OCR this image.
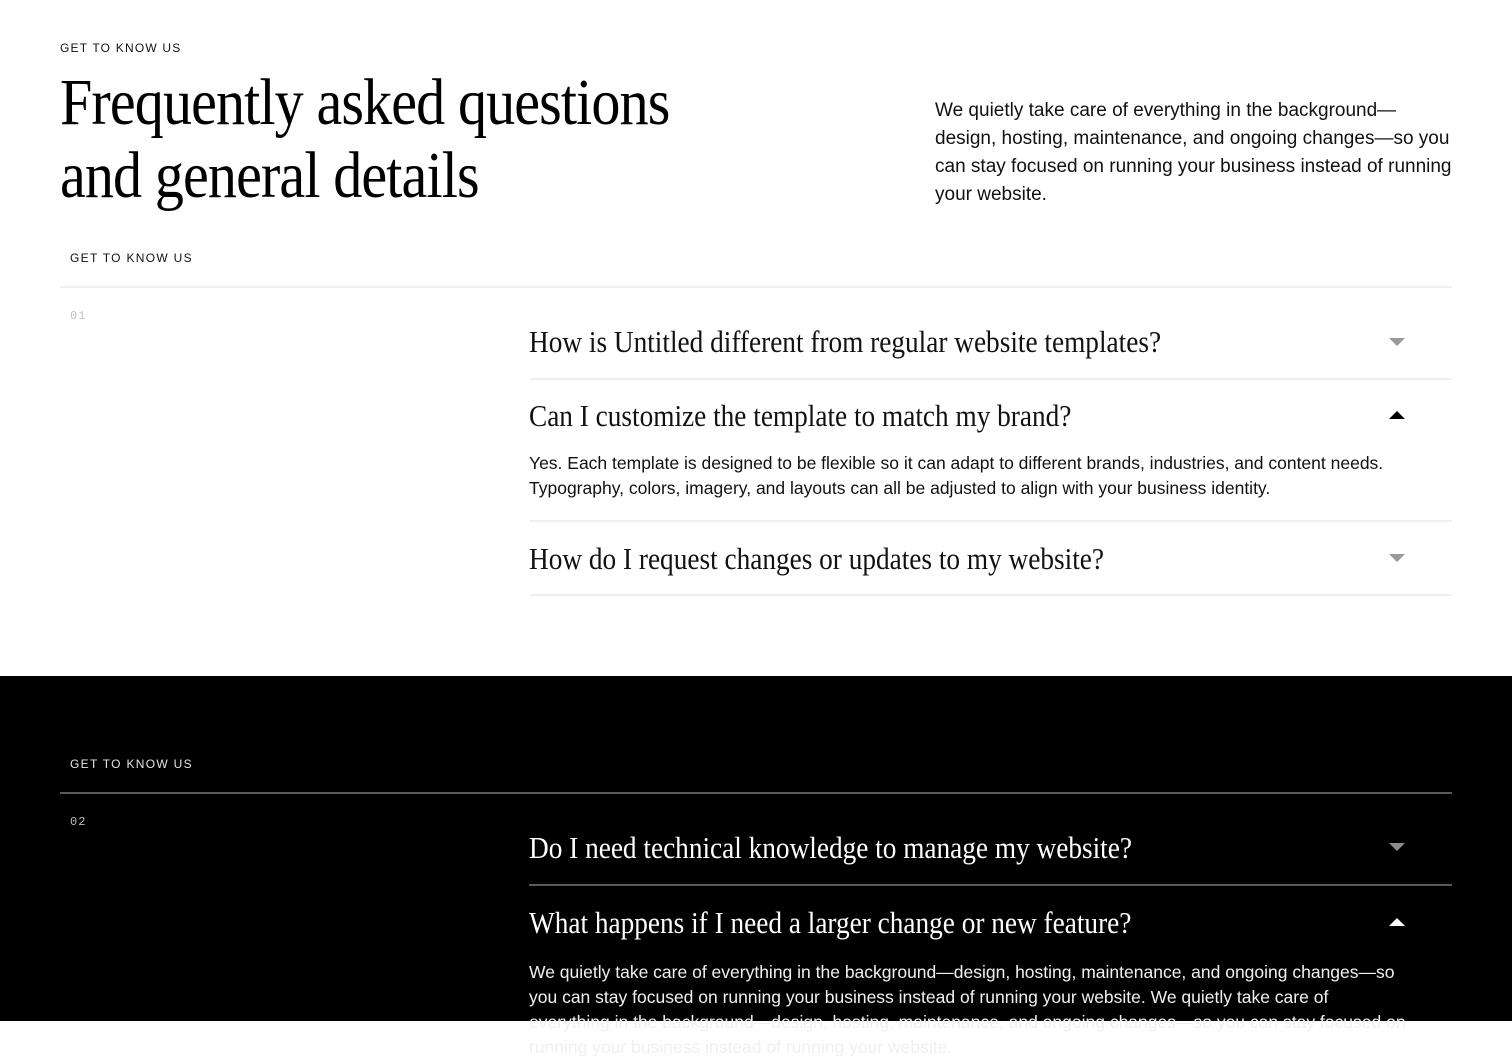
GET TO KNOW US
Frequently asked questions
and general details

We quietly take care of everything in the background—design, hosting, maintenance, and ongoing changes—so you can stay focused on running your business instead of running your website.

GET TO KNOW US
01
How is Untitled different from regular website templates?
Can I customize the template to match my brand?

Yes. Each template is designed to be flexible so it can adapt to different brands, industries, and content needs. Typography, colors, imagery, and layouts can all be adjusted to align with your business identity.

How do I request changes or updates to my website?
GET TO KNOW US
02
Do I need technical knowledge to manage my website?
What happens if I need a larger change or new feature?

We quietly take care of everything in the background—design, hosting, maintenance, and ongoing changes—so you can stay focused on running your business instead of running your website. We quietly take care of everything in the background—design, hosting, maintenance, and ongoing changes—so you can stay focused on running your business instead of running your website.
